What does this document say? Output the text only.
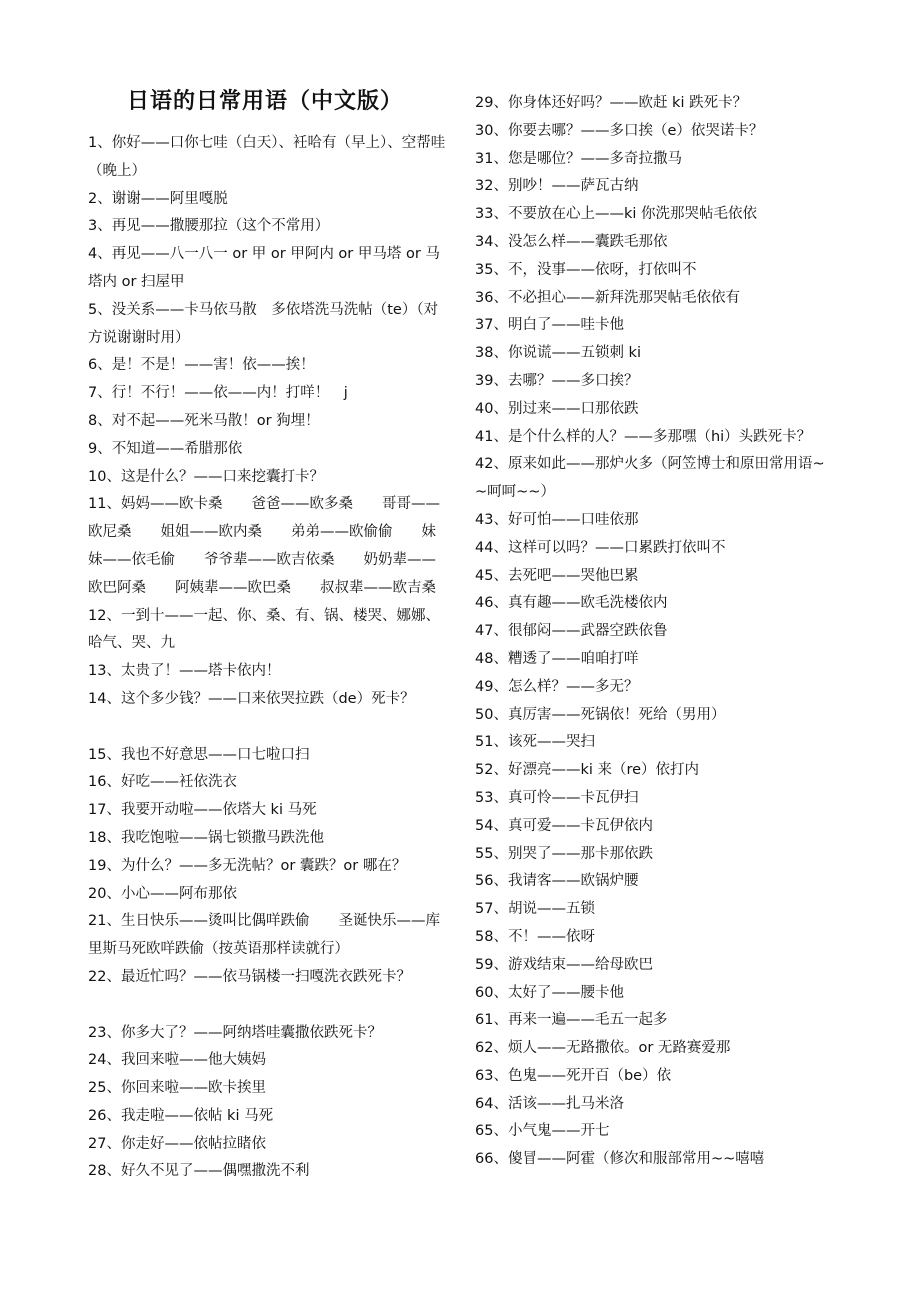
日语的日常用语（中文版）
1、你好——口你七哇（白天）、衽哈有（早上）、空帮哇（晚上）
2、谢谢——阿里嘎脱
3、再见——撒腰那拉（这个不常用）
4、再见——八一八一 or 甲 or 甲阿内 or 甲马塔 or 马塔内 or 扫屋甲
5、没关系——卡马依马散　多依塔洗马洗帖（te）（对方说谢谢时用）
6、是！不是！——害！依——挨！
7、行！不行！——依——内！打咩！　j
8、对不起——死米马散！or 狗埋！
9、不知道——希腊那依
10、这是什么？——口来挖囊打卡？
11、妈妈——欧卡桑　　爸爸——欧多桑　　哥哥——欧尼桑　　姐姐——欧内桑　　弟弟——欧偷偷　　妹妹——依毛偷　　爷爷辈——欧吉依桑　　奶奶辈——欧巴阿桑　　阿姨辈——欧巴桑　　叔叔辈——欧吉桑
12、一到十——一起、你、桑、有、锅、楼哭、娜娜、哈气、哭、九
13、太贵了！——塔卡依内！
14、这个多少钱？——口来依哭拉跌（de）死卡？
15、我也不好意思——口七啦口扫
16、好吃——衽依洗衣
17、我要开动啦——依塔大 ki 马死
18、我吃饱啦——锅七锁撒马跌洗他
19、为什么？——多无洗帖？or 囊跌？or 哪在？
20、小心——阿布那依
21、生日快乐——烫叫比偶咩跌偷　　圣诞快乐——库里斯马死欧咩跌偷（按英语那样读就行）
22、最近忙吗？——依马锅楼一扫嘎洗衣跌死卡？
23、你多大了？——阿纳塔哇囊撒依跌死卡？
24、我回来啦——他大姨妈
25、你回来啦——欧卡挨里
26、我走啦——依帖 ki 马死
27、你走好——依帖拉睹依
28、好久不见了——偶嘿撒洗不利
29、你身体还好吗？——欧赶 ki 跌死卡？
30、你要去哪？——多口挨（e）依哭诺卡？
31、您是哪位？——多奇拉撒马
32、别吵！——萨瓦古纳
33、不要放在心上——ki 你洗那哭帖毛依依
34、没怎么样——囊跌毛那依
35、不，没事——依呀，打依叫不
36、不必担心——新拜洗那哭帖毛依依有
37、明白了——哇卡他
38、你说谎——五锁刺 ki
39、去哪？——多口挨？
40、别过来——口那依跌
41、是个什么样的人？——多那嘿（hi）头跌死卡？
42、原来如此——那炉火多（阿笠博士和原田常用语~~呵呵~~）
43、好可怕——口哇依那
44、这样可以吗？——口累跌打依叫不
45、去死吧——哭他巴累
46、真有趣——欧毛洗楼依内
47、很郁闷——武器空跌依鲁
48、糟透了——咱咱打咩
49、怎么样？——多无？
50、真厉害——死锅依！死给（男用）
51、该死——哭扫
52、好漂亮——ki 来（re）依打内
53、真可怜——卡瓦伊扫
54、真可爱——卡瓦伊依内
55、别哭了——那卡那依跌
56、我请客——欧锅炉腰
57、胡说——五锁
58、不！——依呀
59、游戏结束——给母欧巴
60、太好了——腰卡他
61、再来一遍——毛五一起多
62、烦人——无路撒依。or 无路赛爱那
63、色鬼——死开百（be）依
64、活该——扎马米洛
65、小气鬼——开七
66、傻冒——阿霍（修次和服部常用~~嘻嘻
